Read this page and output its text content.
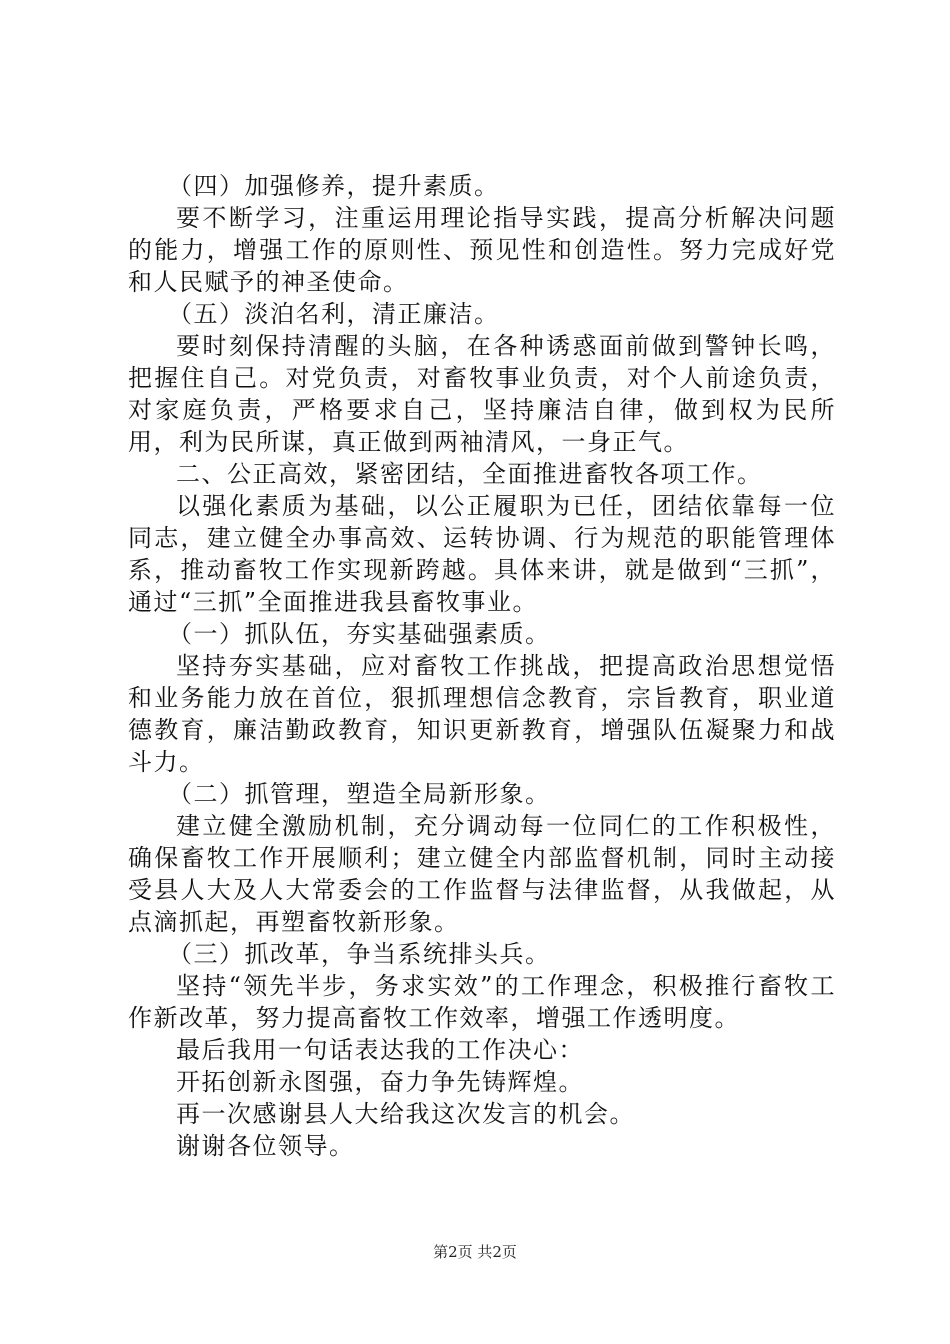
（四）加强修养，提升素质。

要不断学习，注重运用理论指导实践，提高分析解决问题的能力，增强工作的原则性、预见性和创造性。努力完成好党和人民赋予的神圣使命。

（五）淡泊名利，清正廉洁。

要时刻保持清醒的头脑，在各种诱惑面前做到警钟长鸣，把握住自己。对党负责，对畜牧事业负责，对个人前途负责，对家庭负责，严格要求自己，坚持廉洁自律，做到权为民所用，利为民所谋，真正做到两袖清风，一身正气。

二、公正高效，紧密团结，全面推进畜牧各项工作。

以强化素质为基础，以公正履职为已任，团结依靠每一位同志，建立健全办事高效、运转协调、行为规范的职能管理体系，推动畜牧工作实现新跨越。具体来讲，就是做到“三抓”，通过“三抓”全面推进我县畜牧事业。

（一）抓队伍，夯实基础强素质。

坚持夯实基础，应对畜牧工作挑战，把提高政治思想觉悟和业务能力放在首位，狠抓理想信念教育，宗旨教育，职业道德教育，廉洁勤政教育，知识更新教育，增强队伍凝聚力和战斗力。

（二）抓管理，塑造全局新形象。

建立健全激励机制，充分调动每一位同仁的工作积极性，确保畜牧工作开展顺利；建立健全内部监督机制，同时主动接受县人大及人大常委会的工作监督与法律监督，从我做起，从点滴抓起，再塑畜牧新形象。

（三）抓改革，争当系统排头兵。

坚持“领先半步，务求实效”的工作理念，积极推行畜牧工作新改革，努力提高畜牧工作效率，增强工作透明度。

最后我用一句话表达我的工作决心：

开拓创新永图强，奋力争先铸辉煌。

再一次感谢县人大给我这次发言的机会。

谢谢各位领导。

第2页 共2页
